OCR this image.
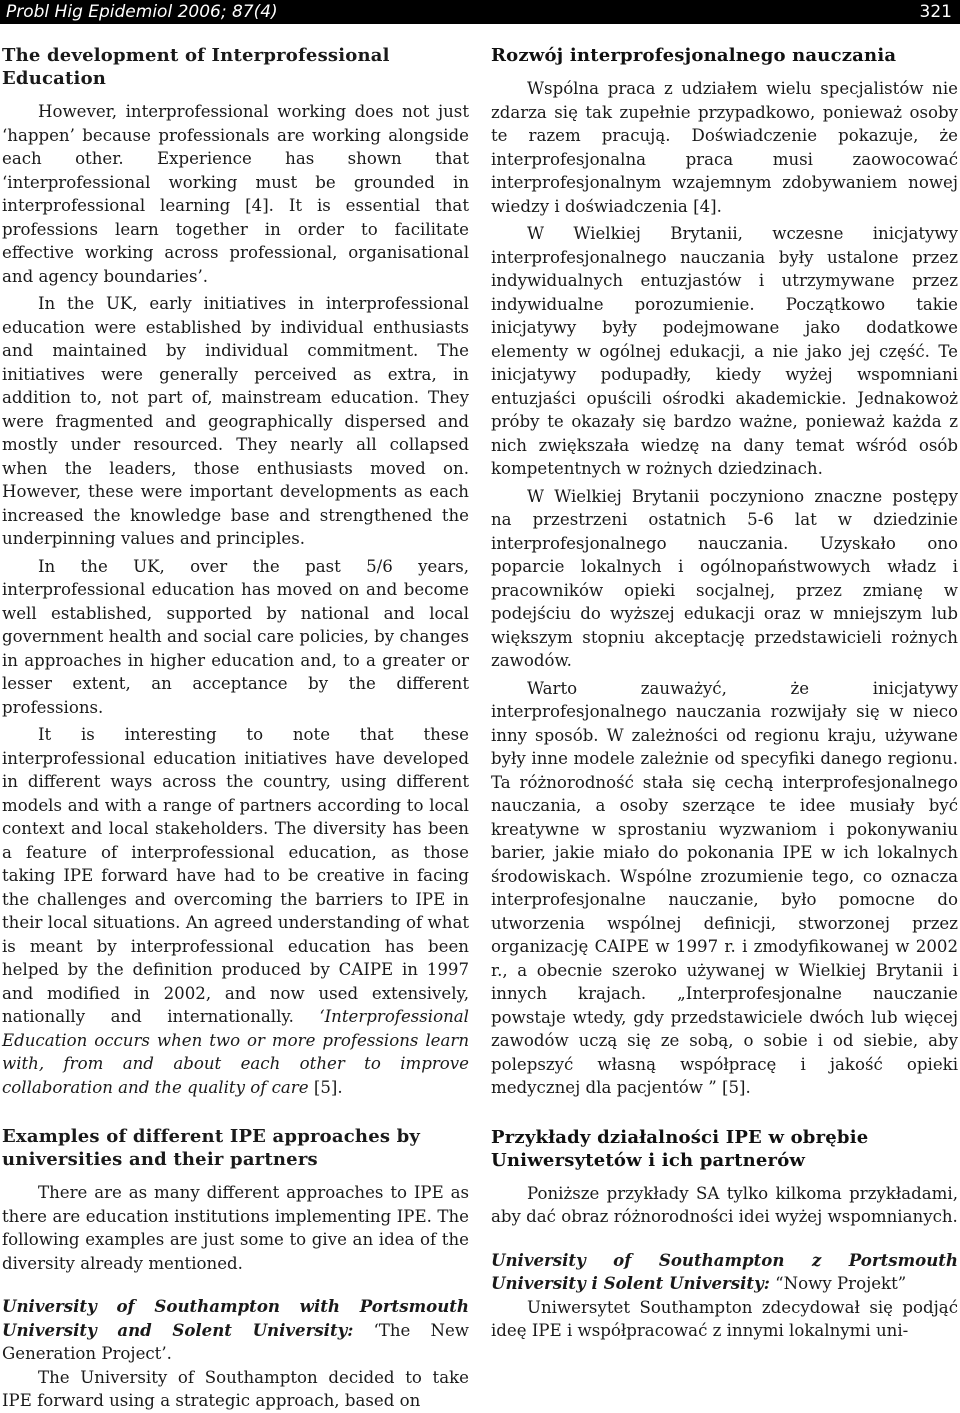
Probl Hig Epidemiol 2006; 87(4)	321
The development of Interprofessional Education

However, interprofessional working does not just ‘happen’ because professionals are working alongside each other. Experience has shown that ‘interprofessional working must be grounded in interprofessional learning [4]. It is essential that professions learn together in order to facilitate effective working across professional, organisational and agency boundaries’.

In the UK, early initiatives in interprofessional education were established by individual enthusiasts and maintained by individual commitment. The initiatives were generally perceived as extra, in addition to, not part of, mainstream education. They were fragmented and geographically dispersed and mostly under resourced. They nearly all collapsed when the leaders, those enthusiasts moved on. However, these were important developments as each increased the knowledge base and strengthened the underpinning values and principles.

In the UK, over the past 5/6 years, interprofessional education has moved on and become well established, supported by national and local government health and social care policies, by changes in approaches in higher education and, to a greater or lesser extent, an acceptance by the different professions.

It is interesting to note that these interprofessional education initiatives have developed in different ways across the country, using different models and with a range of partners according to local context and local stakeholders. The diversity has been a feature of interprofessional education, as those taking IPE forward have had to be creative in facing the challenges and overcoming the barriers to IPE in their local situations. An agreed understanding of what is meant by interprofessional education has been helped by the definition produced by CAIPE in 1997 and modified in 2002, and now used extensively, nationally and internationally. ‘Interprofessional Education occurs when two or more professions learn with, from and about each other to improve collaboration and the quality of care [5].

Examples of different IPE approaches by universities and their partners

There are as many different approaches to IPE as there are education institutions implementing IPE. The following examples are just some to give an idea of the diversity already mentioned.

University of Southampton with Portsmouth University and Solent University: ‘The New Generation Project’.

The University of Southampton decided to take IPE forward using a strategic approach, based on

Rozwój interprofesjonalnego nauczania

Wspólna praca z udziałem wielu specjalistów nie zdarza się tak zupełnie przypadkowo, ponieważ osoby te razem pracują. Doświadczenie pokazuje, że interprofesjonalna praca musi zaowocować interprofesjonalnym wzajemnym zdobywaniem nowej wiedzy i doświadczenia [4].

W Wielkiej Brytanii, wczesne inicjatywy interprofesjonalnego nauczania były ustalone przez indywidualnych entuzjastów i utrzymywane przez indywidualne porozumienie. Początkowo takie inicjatywy były podejmowane jako dodatkowe elementy w ogólnej edukacji, a nie jako jej część. Te inicjatywy podupadły, kiedy wyżej wspomniani entuzjaści opuścili ośrodki akademickie. Jednakowoż próby te okazały się bardzo ważne, ponieważ każda z nich zwiększała wiedzę na dany temat wśród osób kompetentnych w rożnych dziedzinach.

W Wielkiej Brytanii poczyniono znaczne postępy na przestrzeni ostatnich 5-6 lat w dziedzinie interprofesjonalnego nauczania. Uzyskało ono poparcie lokalnych i ogólnopaństwowych władz i pracowników opieki socjalnej, przez zmianę w podejściu do wyższej edukacji oraz w mniejszym lub większym stopniu akceptację przedstawicieli rożnych zawodów.

Warto zauważyć, że inicjatywy interprofesjonalnego nauczania rozwijały się w nieco inny sposób. W zależności od regionu kraju, używane były inne modele zależnie od specyfiki danego regionu. Ta różnorodność stała się cechą interprofesjonalnego nauczania, a osoby szerzące te idee musiały być kreatywne w sprostaniu wyzwaniom i pokonywaniu barier, jakie miało do pokonania IPE w ich lokalnych środowiskach. Wspólne zrozumienie tego, co oznacza interprofesjonalne nauczanie, było pomocne do utworzenia wspólnej definicji, stworzonej przez organizację CAIPE w 1997 r. i zmodyfikowanej w 2002 r., a obecnie szeroko używanej w Wielkiej Brytanii i innych krajach. „Interprofesjonalne nauczanie powstaje wtedy, gdy przedstawiciele dwóch lub więcej zawodów uczą się ze sobą, o sobie i od siebie, aby polepszyć własną współpracę i jakość opieki medycznej dla pacjentów ” [5].

Przykłady działalności IPE w obrębie Uniwersytetów i ich partnerów

Poniższe przykłady SA tylko kilkoma przykładami, aby dać obraz różnorodności idei wyżej wspomnianych.

University of Southampton z Portsmouth University i Solent University: “Nowy Projekt”

Uniwersytet Southampton zdecydował się podjąć ideę IPE i współpracować z innymi lokalnymi uni-
